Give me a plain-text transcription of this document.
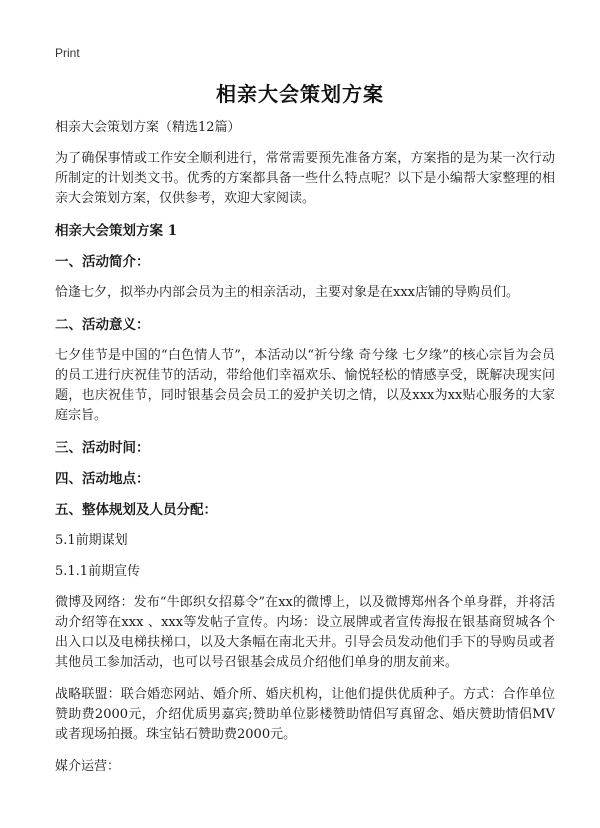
Print
相亲大会策划方案

相亲大会策划方案（精选12篇）

为了确保事情或工作安全顺利进行，常常需要预先准备方案，方案指的是为某一次行动所制定的计划类文书。优秀的方案都具备一些什么特点呢？以下是小编帮大家整理的相亲大会策划方案，仅供参考，欢迎大家阅读。

相亲大会策划方案 1

一、活动简介：

恰逢七夕，拟举办内部会员为主的相亲活动，主要对象是在xxx店铺的导购员们。

二、活动意义：

七夕佳节是中国的“白色情人节”，本活动以“祈兮缘 奇兮缘 七夕缘”的核心宗旨为会员的员工进行庆祝佳节的活动，带给他们幸福欢乐、愉悦轻松的情感享受，既解决现实问题，也庆祝佳节，同时银基会员会员工的爱护关切之情，以及xxx为xx贴心服务的大家庭宗旨。

三、活动时间：

四、活动地点：

五、整体规划及人员分配：

5.1前期谋划

5.1.1前期宣传

微博及网络：发布“牛郎织女招募令”在xx的微博上，以及微博郑州各个单身群，并将活动介绍等在xxx 、xxx等发帖子宣传。内场：设立展牌或者宣传海报在银基商贸城各个出入口以及电梯扶梯口，以及大条幅在南北天井。引导会员发动他们手下的导购员或者其他员工参加活动，也可以号召银基会成员介绍他们单身的朋友前来。

战略联盟：联合婚恋网站、婚介所、婚庆机构，让他们提供优质种子。方式：合作单位赞助费2000元，介绍优质男嘉宾;赞助单位影楼赞助情侣写真留念、婚庆赞助情侣MV或者现场拍摄。珠宝钻石赞助费2000元。

媒介运营：
